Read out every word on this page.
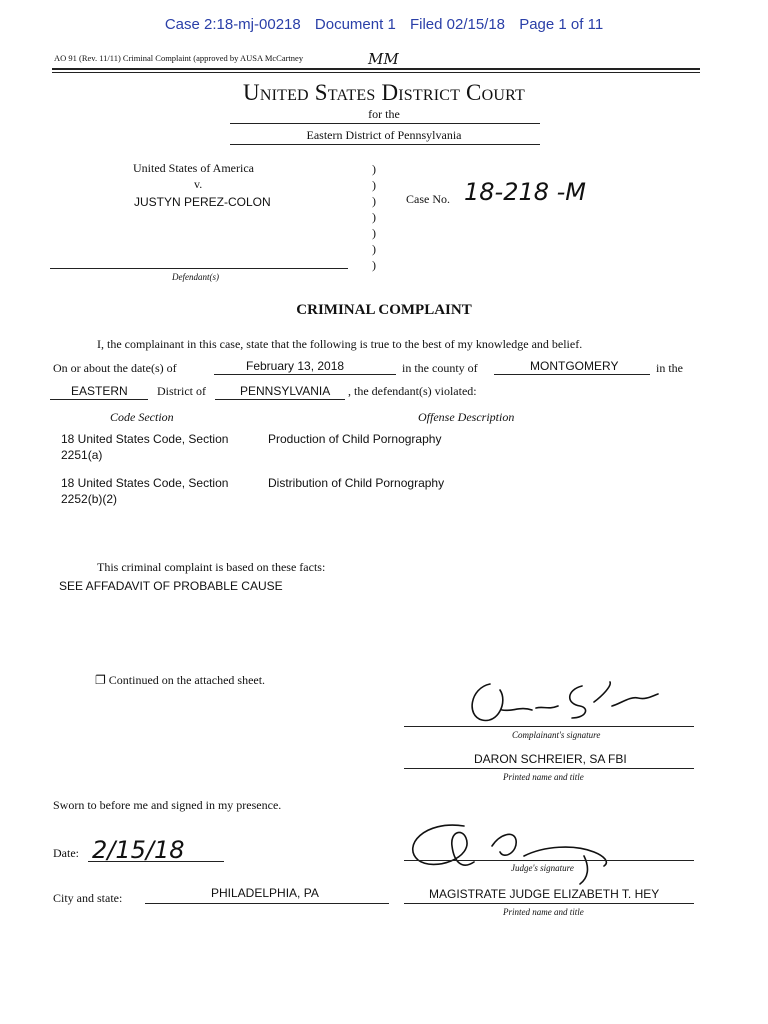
Case 2:18-mj-00218 Document 1 Filed 02/15/18 Page 1 of 11
AO 91 (Rev. 11/11) Criminal Complaint (approved by AUSA McCartney	MM
United States District Court
for the
Eastern District of Pennsylvania
United States of America
v.
JUSTYN PEREZ-COLON
)
)
)
)
)
)
)
Case No. 18-218 -M
Defendant(s)
CRIMINAL COMPLAINT
I, the complainant in this case, state that the following is true to the best of my knowledge and belief.
On or about the date(s) of	February 13, 2018	in the county of	MONTGOMERY	in the
EASTERN District of	PENNSYLVANIA , the defendant(s) violated:
Code Section	Offense Description
18 United States Code, Section
2251(a)
Production of Child Pornography
18 United States Code, Section
2252(b)(2)
Distribution of Child Pornography
This criminal complaint is based on these facts:
SEE AFFADAVIT OF PROBABLE CAUSE
❐ Continued on the attached sheet.
Complainant's signature
DARON SCHREIER, SA FBI
Printed name and title
Sworn to before me and signed in my presence.
Date: 2/15/18
Judge's signature
City and state:	PHILADELPHIA, PA	MAGISTRATE JUDGE ELIZABETH T. HEY
Printed name and title
